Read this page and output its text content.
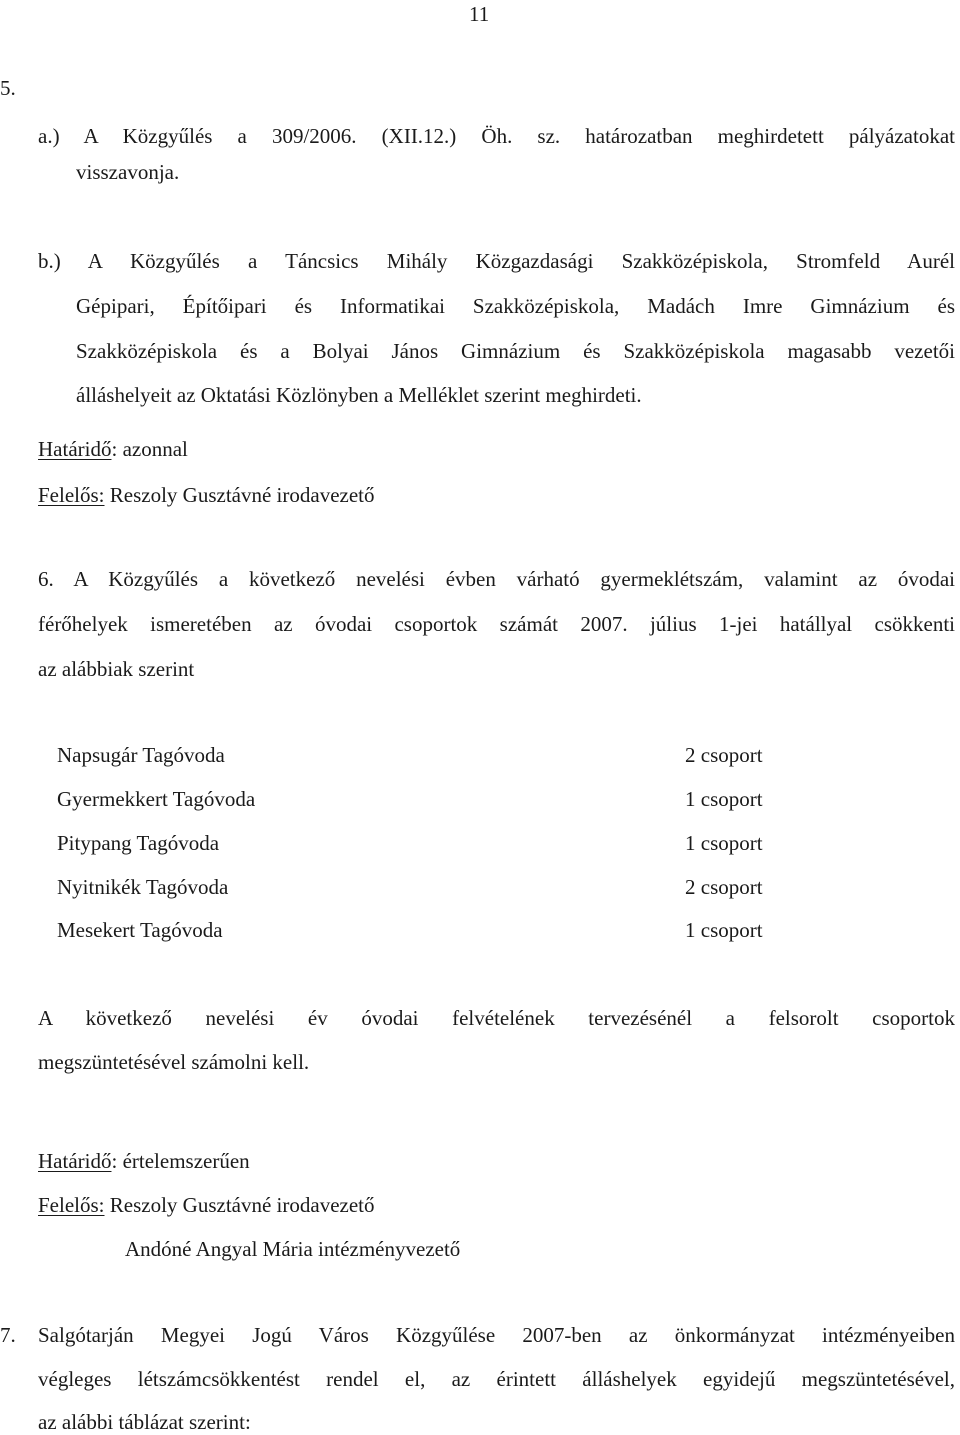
11
5.
a.) A Közgyűlés a 309/2006. (XII.12.) Öh. sz. határozatban meghirdetett pályázatokat
visszavonja.
b.) A Közgyűlés a Táncsics Mihály Közgazdasági Szakközépiskola, Stromfeld Aurél
Gépipari, Építőipari és Informatikai Szakközépiskola, Madách Imre Gimnázium és
Szakközépiskola és a Bolyai János Gimnázium és Szakközépiskola magasabb vezetői
álláshelyeit az Oktatási Közlönyben a Melléklet szerint meghirdeti.
Határidő: azonnal
Felelős: Reszoly Gusztávné irodavezető
6. A Közgyűlés a következő nevelési évben várható gyermeklétszám, valamint az óvodai
férőhelyek ismeretében az óvodai csoportok számát 2007. július 1-jei hatállyal csökkenti
az alábbiak szerint
Napsugár Tagóvoda	2 csoport
Gyermekkert Tagóvoda	1 csoport
Pitypang Tagóvoda	1 csoport
Nyitnikék Tagóvoda	2 csoport
Mesekert Tagóvoda	1 csoport
A következő nevelési év óvodai felvételének tervezésénél a felsorolt csoportok
megszüntetésével számolni kell.
Határidő: értelemszerűen
Felelős: Reszoly Gusztávné irodavezető
Andóné Angyal Mária intézményvezető
7. Salgótarján Megyei Jogú Város Közgyűlése 2007-ben az önkormányzat intézményeiben
végleges létszámcsökkentést rendel el, az érintett álláshelyek egyidejű megszüntetésével,
az alábbi táblázat szerint:
